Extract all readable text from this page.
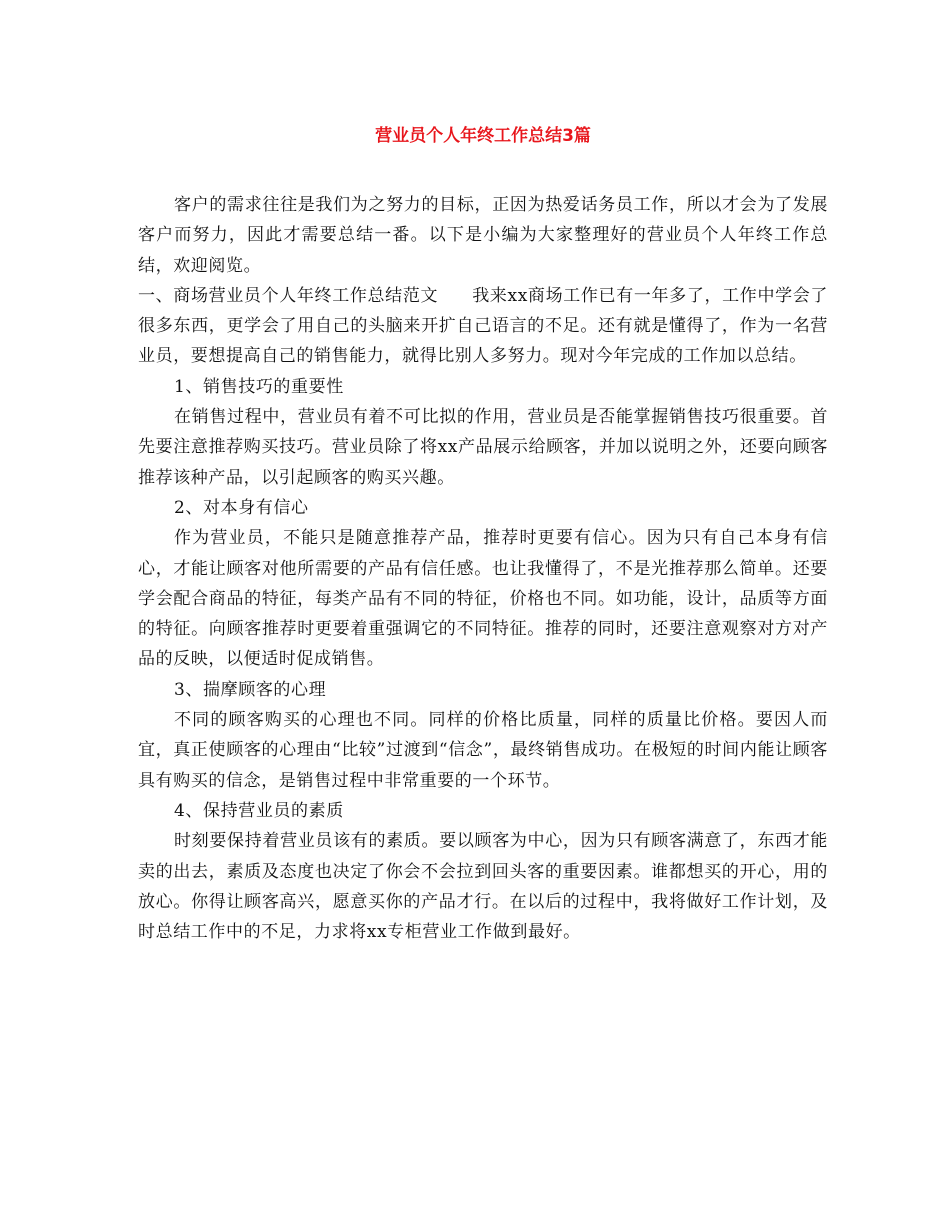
营业员个人年终工作总结3篇

客户的需求往往是我们为之努力的目标，正因为热爱话务员工作，所以才会为了发展客户而努力，因此才需要总结一番。以下是小编为大家整理好的营业员个人年终工作总结，欢迎阅览。

一、商场营业员个人年终工作总结范文 我来xx商场工作已有一年多了，工作中学会了很多东西，更学会了用自己的头脑来开扩自己语言的不足。还有就是懂得了，作为一名营业员，要想提高自己的销售能力，就得比别人多努力。现对今年完成的工作加以总结。

1、销售技巧的重要性

在销售过程中，营业员有着不可比拟的作用，营业员是否能掌握销售技巧很重要。首先要注意推荐购买技巧。营业员除了将xx产品展示给顾客，并加以说明之外，还要向顾客推荐该种产品，以引起顾客的购买兴趣。

2、对本身有信心

作为营业员，不能只是随意推荐产品，推荐时更要有信心。因为只有自己本身有信心，才能让顾客对他所需要的产品有信任感。也让我懂得了，不是光推荐那么简单。还要学会配合商品的特征，每类产品有不同的特征，价格也不同。如功能，设计，品质等方面的特征。向顾客推荐时更要着重强调它的不同特征。推荐的同时，还要注意观察对方对产品的反映，以便适时促成销售。

3、揣摩顾客的心理

不同的顾客购买的心理也不同。同样的价格比质量，同样的质量比价格。要因人而宜，真正使顾客的心理由“比较”过渡到“信念”，最终销售成功。在极短的时间内能让顾客具有购买的信念，是销售过程中非常重要的一个环节。

4、保持营业员的素质

时刻要保持着营业员该有的素质。要以顾客为中心，因为只有顾客满意了，东西才能卖的出去，素质及态度也决定了你会不会拉到回头客的重要因素。谁都想买的开心，用的放心。你得让顾客高兴，愿意买你的产品才行。在以后的过程中，我将做好工作计划，及时总结工作中的不足，力求将xx专柜营业工作做到最好。
